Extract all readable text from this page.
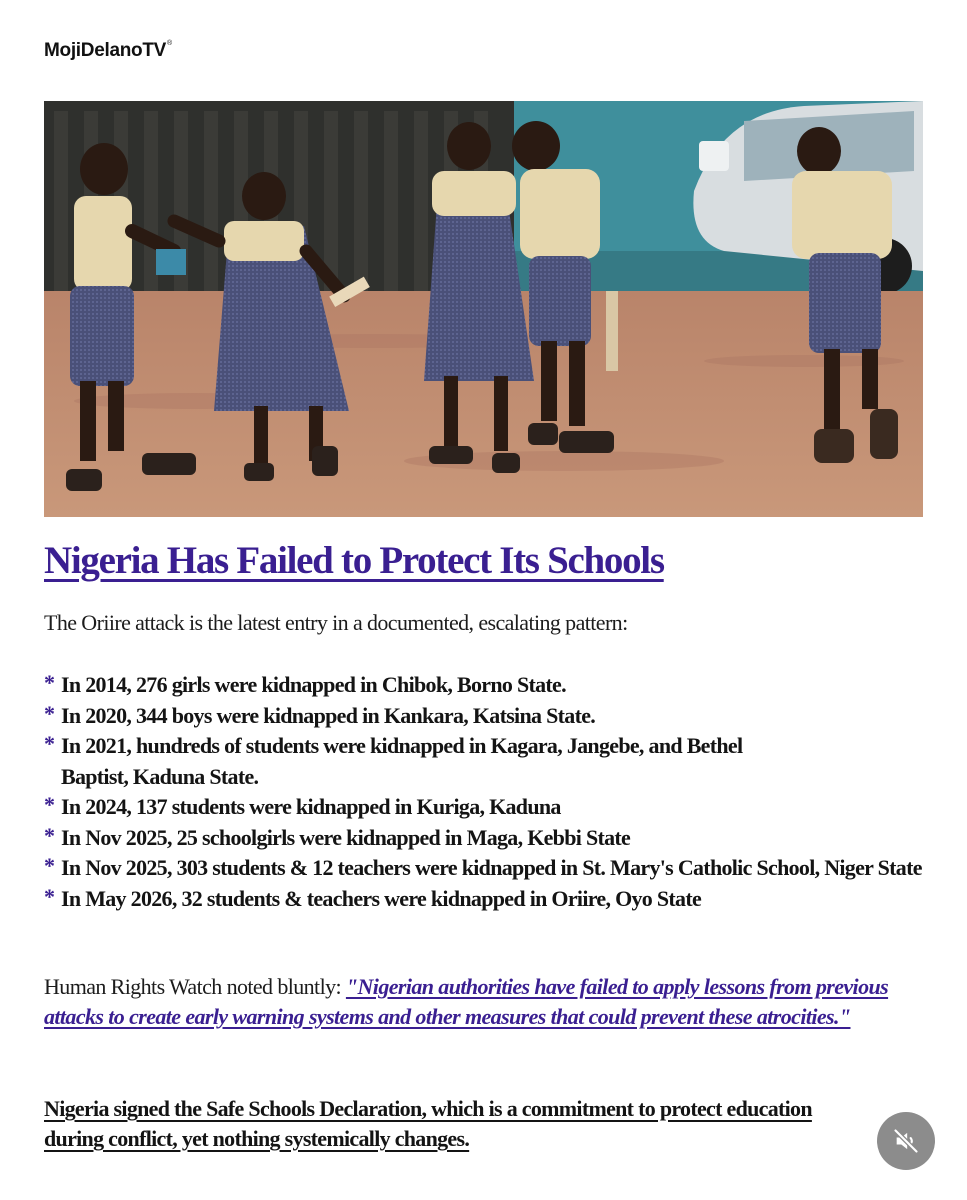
MojiDelanoTV®
Nigeria Has Failed to Protect Its Schools

The Oriire attack is the latest entry in a documented, escalating pattern:

* In 2014, 276 girls were kidnapped in Chibok, Borno State.
* In 2020, 344 boys were kidnapped in Kankara, Katsina State.
* In 2021, hundreds of students were kidnapped in Kagara, Jangebe, and Bethel Baptist, Kaduna State.
* In 2024, 137 students were kidnapped in Kuriga, Kaduna
* In Nov 2025, 25 schoolgirls were kidnapped in Maga, Kebbi State
* In Nov 2025, 303 students & 12 teachers were kidnapped in St. Mary's Catholic School, Niger State
* In May 2026, 32 students & teachers were kidnapped in Oriire, Oyo State

Human Rights Watch noted bluntly: "Nigerian authorities have failed to apply lessons from previous attacks to create early warning systems and other measures that could prevent these atrocities."

Nigeria signed the Safe Schools Declaration, which is a commitment to protect education during conflict, yet nothing systemically changes.
